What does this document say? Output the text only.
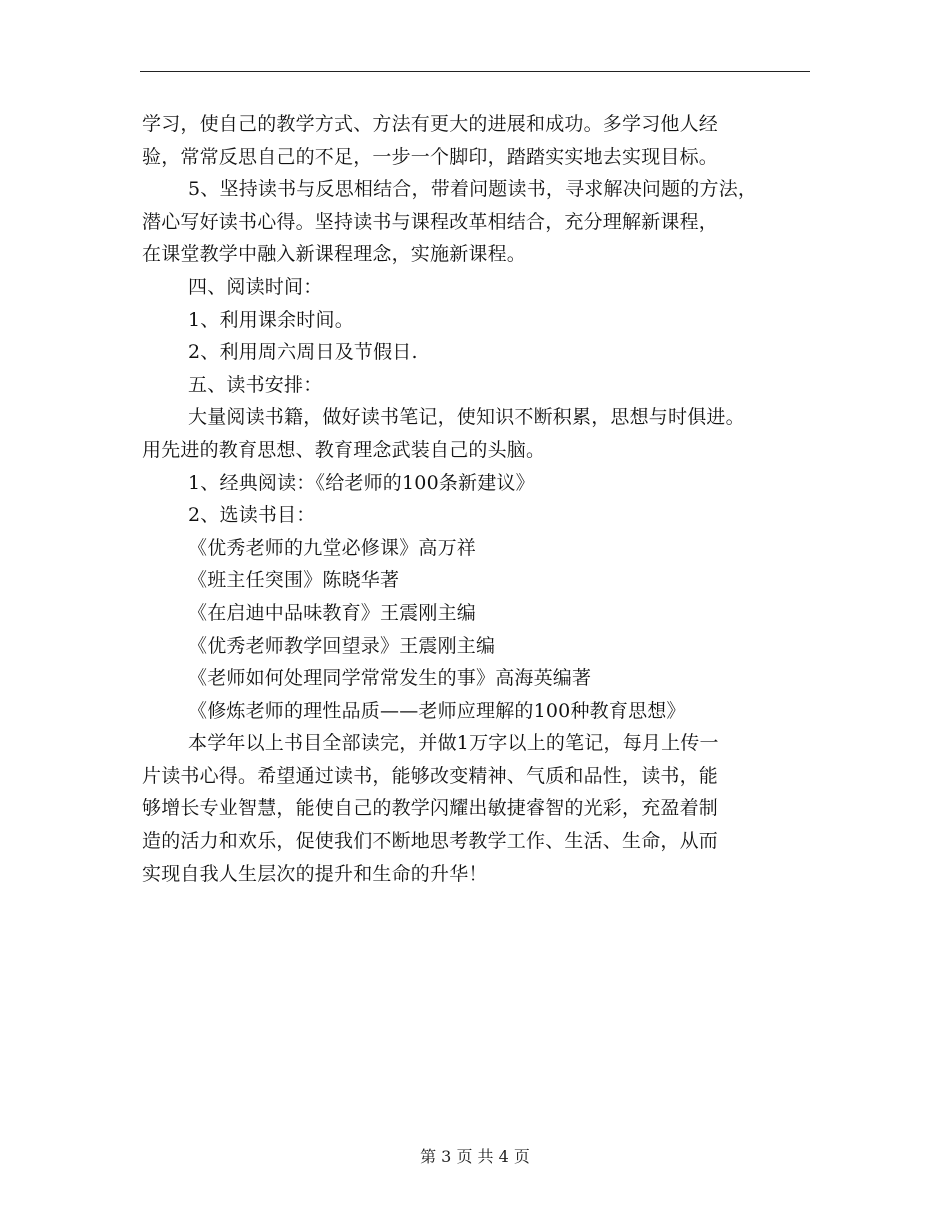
学习，使自己的教学方式、方法有更大的进展和成功。多学习他人经
验，常常反思自己的不足，一步一个脚印，踏踏实实地去实现目标。
5、坚持读书与反思相结合，带着问题读书，寻求解决问题的方法，
潜心写好读书心得。坚持读书与课程改革相结合，充分理解新课程，
在课堂教学中融入新课程理念，实施新课程。
四、阅读时间：
1、利用课余时间。
2、利用周六周日及节假日.
五、读书安排：
大量阅读书籍，做好读书笔记，使知识不断积累，思想与时俱进。
用先进的教育思想、教育理念武装自己的头脑。
1、经典阅读：《给老师的100条新建议》
2、选读书目：
《优秀老师的九堂必修课》高万祥
《班主任突围》陈晓华著
《在启迪中品味教育》王震刚主编
《优秀老师教学回望录》王震刚主编
《老师如何处理同学常常发生的事》高海英编著
《修炼老师的理性品质——老师应理解的100种教育思想》
本学年以上书目全部读完，并做1万字以上的笔记，每月上传一
片读书心得。希望通过读书，能够改变精神、气质和品性，读书，能
够增长专业智慧，能使自己的教学闪耀出敏捷睿智的光彩，充盈着制
造的活力和欢乐，促使我们不断地思考教学工作、生活、生命，从而
实现自我人生层次的提升和生命的升华！
第 3 页 共 4 页
